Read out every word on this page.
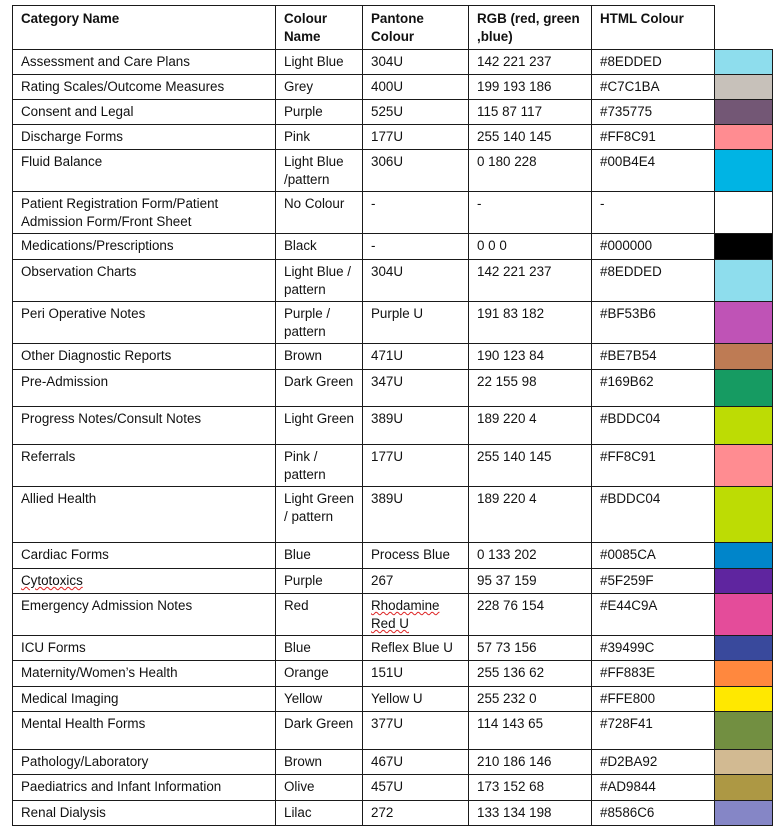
Category Name	Colour Name	Pantone Colour	RGB (red, green ,blue)	HTML Colour	
Assessment and Care Plans	Light Blue	304U	142 221 237	#8EDDED	
Rating Scales/Outcome Measures	Grey	400U	199 193 186	#C7C1BA	
Consent and Legal	Purple	525U	115 87 117	#735775	
Discharge Forms	Pink	177U	255 140 145	#FF8C91	
Fluid Balance	Light Blue /pattern	306U	0 180 228	#00B4E4	
Patient Registration Form/Patient Admission Form/Front Sheet	No Colour	-	-	-	
Medications/Prescriptions	Black	-	0 0 0	#000000	
Observation Charts	Light Blue / pattern	304U	142 221 237	#8EDDED	
Peri Operative Notes	Purple / pattern	Purple U	191 83 182	#BF53B6	
Other Diagnostic Reports	Brown	471U	190 123 84	#BE7B54	
Pre-Admission	Dark Green	347U	22 155 98	#169B62	
Progress Notes/Consult Notes	Light Green	389U	189 220 4	#BDDC04	
Referrals	Pink / pattern	177U	255 140 145	#FF8C91	
Allied Health	Light Green / pattern	389U	189 220 4	#BDDC04	
Cardiac Forms	Blue	Process Blue	0 133 202	#0085CA	
Cytotoxics	Purple	267	95 37 159	#5F259F	
Emergency Admission Notes	Red	Rhodamine Red U	228 76 154	#E44C9A	
ICU Forms	Blue	Reflex Blue U	57 73 156	#39499C	
Maternity/Women’s Health	Orange	151U	255 136 62	#FF883E	
Medical Imaging	Yellow	Yellow U	255 232 0	#FFE800	
Mental Health Forms	Dark Green	377U	114 143 65	#728F41	
Pathology/Laboratory	Brown	467U	210 186 146	#D2BA92	
Paediatrics and Infant Information	Olive	457U	173 152 68	#AD9844	
Renal Dialysis	Lilac	272	133 134 198	#8586C6	
